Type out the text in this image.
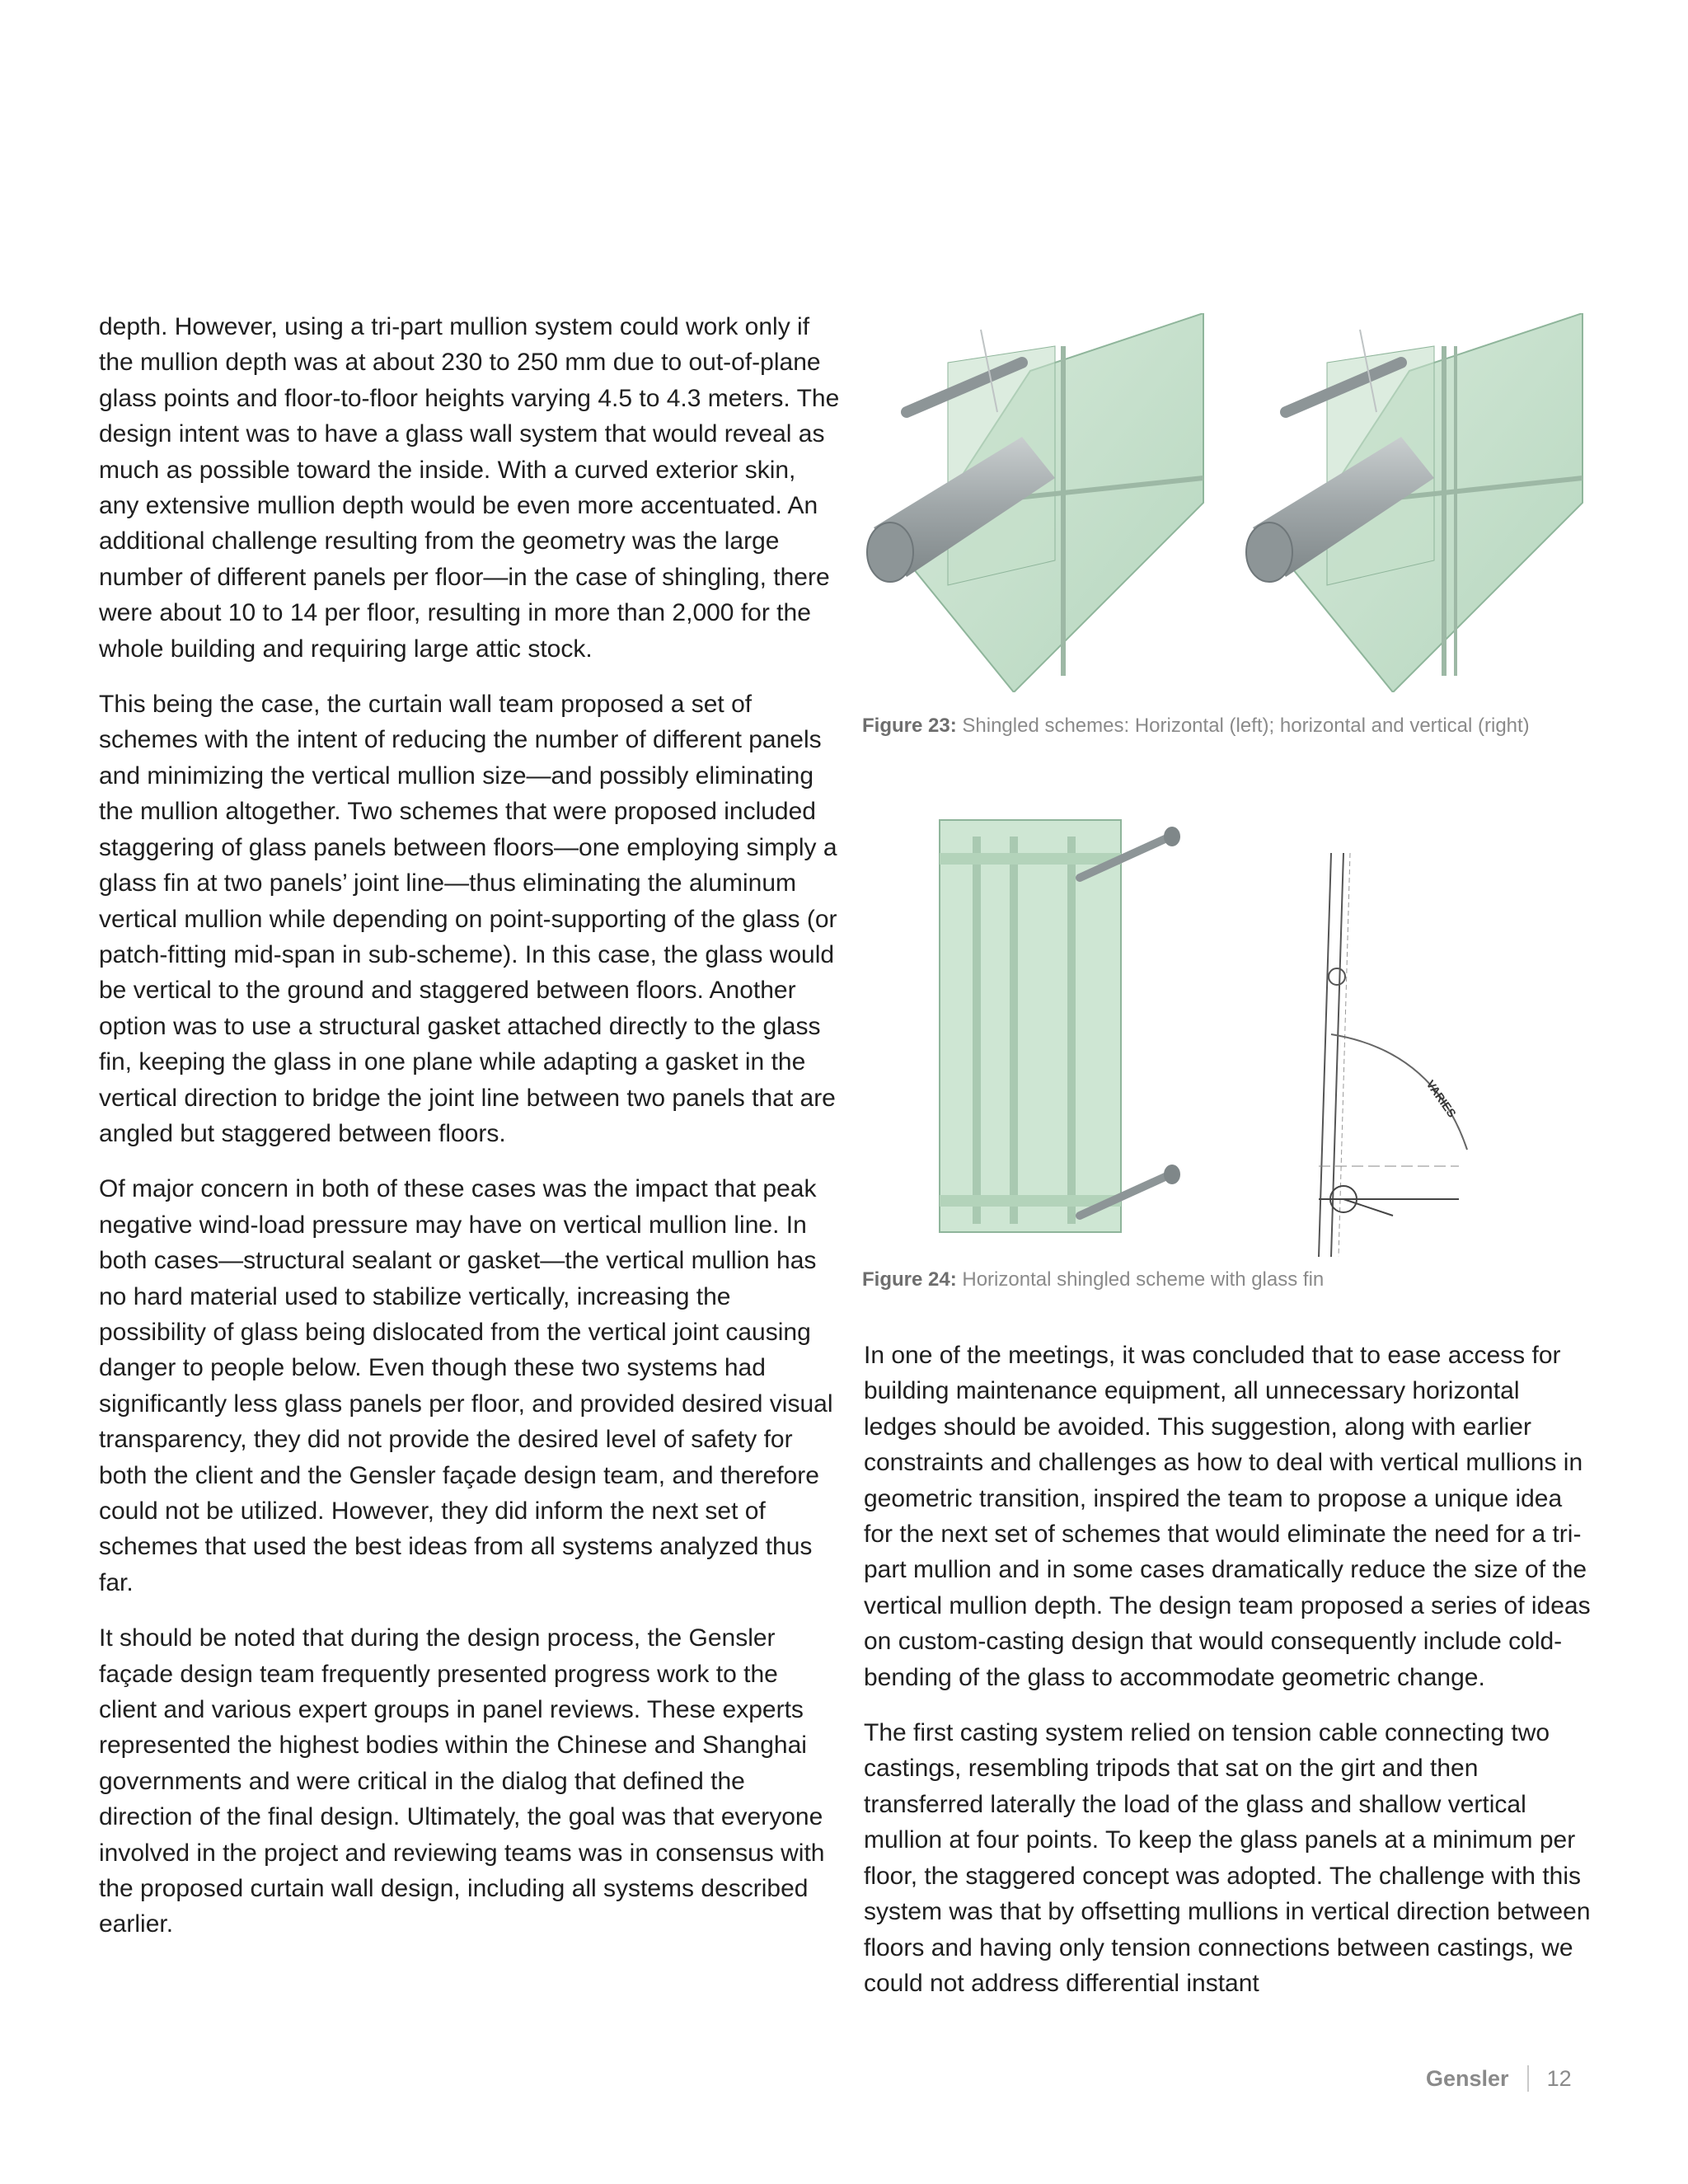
depth. However, using a tri-part mullion system could work only if the mullion depth was at about 230 to 250 mm due to out-of-plane glass points and floor-to-floor heights varying 4.5 to 4.3 meters. The design intent was to have a glass wall system that would reveal as much as possible toward the inside. With a curved exterior skin, any extensive mullion depth would be even more accentuated. An additional challenge resulting from the geometry was the large number of different panels per floor—in the case of shingling, there were about 10 to 14 per floor, resulting in more than 2,000 for the whole building and requiring large attic stock.

This being the case, the curtain wall team proposed a set of schemes with the intent of reducing the number of different panels and minimizing the vertical mullion size—and possibly eliminating the mullion altogether. Two schemes that were proposed included staggering of glass panels between floors—one employing simply a glass fin at two panels’ joint line—thus eliminating the aluminum vertical mullion while depending on point-supporting of the glass (or patch-fitting mid-span in sub-scheme). In this case, the glass would be vertical to the ground and staggered between floors. Another option was to use a structural gasket attached directly to the glass fin, keeping the glass in one plane while adapting a gasket in the vertical direction to bridge the joint line between two panels that are angled but staggered between floors.

Of major concern in both of these cases was the impact that peak negative wind-load pressure may have on vertical mullion line. In both cases—structural sealant or gasket—the vertical mullion has no hard material used to stabilize vertically, increasing the possibility of glass being dislocated from the vertical joint causing danger to people below. Even though these two systems had significantly less glass panels per floor, and provided desired visual transparency, they did not provide the desired level of safety for both the client and the Gensler façade design team, and therefore could not be utilized. However, they did inform the next set of schemes that used the best ideas from all systems analyzed thus far.

It should be noted that during the design process, the Gensler façade design team frequently presented progress work to the client and various expert groups in panel reviews. These experts represented the highest bodies within the Chinese and Shanghai governments and were critical in the dialog that defined the direction of the final design. Ultimately, the goal was that everyone involved in the project and reviewing teams was in consensus with the proposed curtain wall design, including all systems described earlier.

Figure 23: Shingled schemes: Horizontal (left); horizontal and vertical (right)
VARIES
Figure 24: Horizontal shingled scheme with glass fin

In one of the meetings, it was concluded that to ease access for building maintenance equipment, all unnecessary horizontal ledges should be avoided. This suggestion, along with earlier constraints and challenges as how to deal with vertical mullions in geometric transition, inspired the team to propose a unique idea for the next set of schemes that would eliminate the need for a tri-part mullion and in some cases dramatically reduce the size of the vertical mullion depth. The design team proposed a series of ideas on custom-casting design that would consequently include cold-bending of the glass to accommodate geometric change.

The first casting system relied on tension cable connecting two castings, resembling tripods that sat on the girt and then transferred laterally the load of the glass and shallow vertical mullion at four points. To keep the glass panels at a minimum per floor, the staggered concept was adopted. The challenge with this system was that by offsetting mullions in vertical direction between floors and having only tension connections between castings, we could not address differential instant

Gensler 12
